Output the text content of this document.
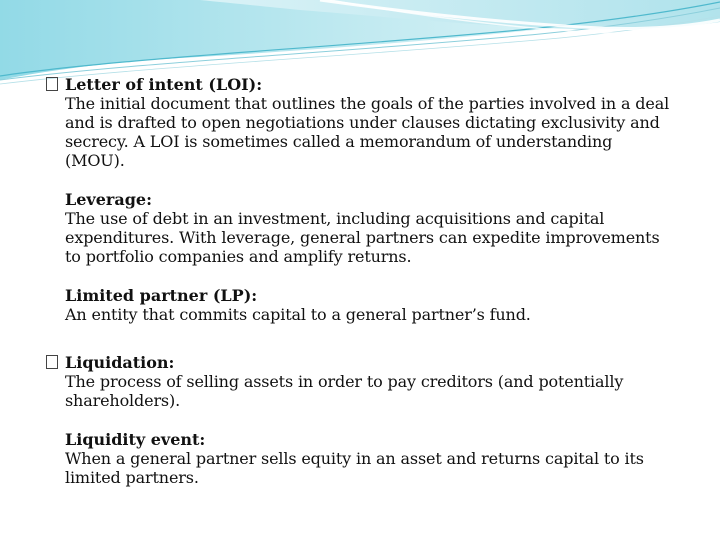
Letter of intent (LOI):
The initial document that outlines the goals of the parties involved in a deal and is drafted to open negotiations under clauses dictating exclusivity and secrecy. A LOI is sometimes called a memorandum of understanding (MOU).
Leverage:
The use of debt in an investment, including acquisitions and capital expenditures. With leverage, general partners can expedite improvements to portfolio companies and amplify returns.
Limited partner (LP):
An entity that commits capital to a general partner’s fund.
Liquidation:
The process of selling assets in order to pay creditors (and potentially shareholders).
Liquidity event:
When a general partner sells equity in an asset and returns capital to its limited partners.
